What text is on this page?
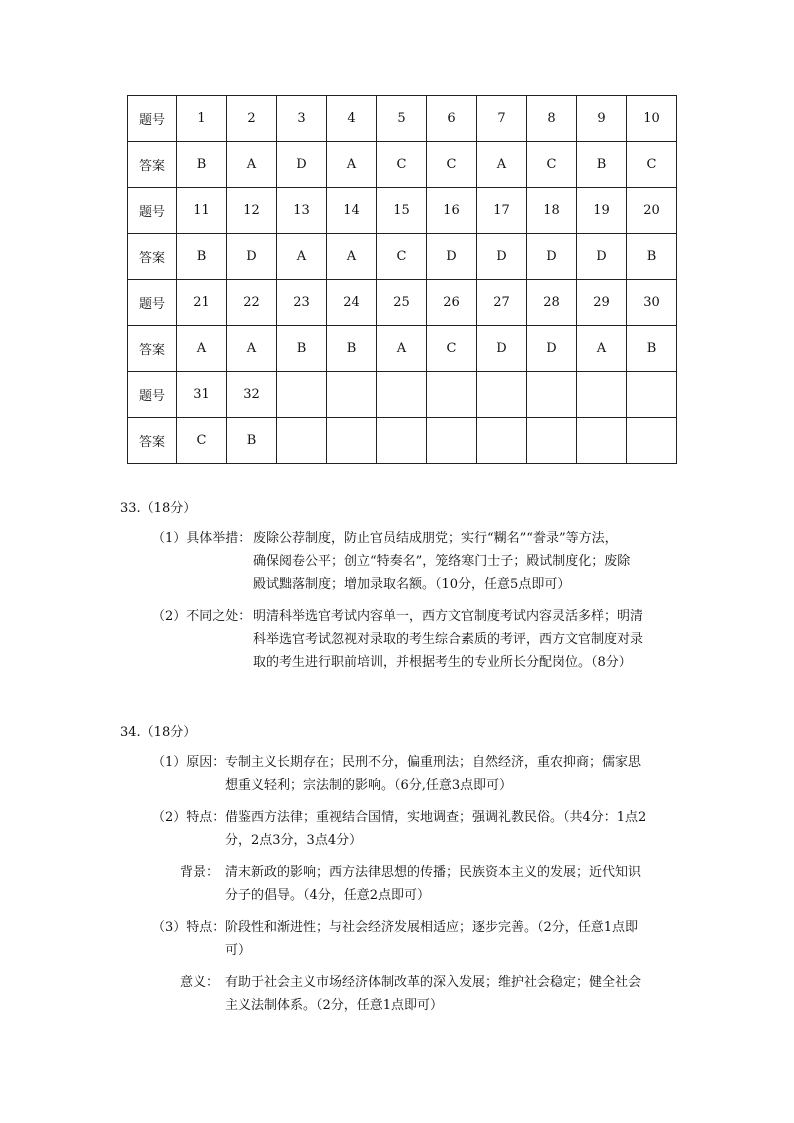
题号	1	2	3	4	5	6	7	8	9	10
答案	B	A	D	A	C	C	A	C	B	C
题号	11	12	13	14	15	16	17	18	19	20
答案	B	D	A	A	C	D	D	D	D	B
题号	21	22	23	24	25	26	27	28	29	30
答案	A	A	B	B	A	C	D	D	A	B
题号	31	32								
答案	C	B								
33.（18分）
（1）具体举措： 废除公荐制度，防止官员结成朋党；实行“糊名”“誊录”等方法，
确保阅卷公平；创立“特奏名”，笼络寒门士子；殿试制度化；废除
殿试黜落制度；增加录取名额。（10分，任意5点即可）
（2）不同之处： 明清科举选官考试内容单一，西方文官制度考试内容灵活多样；明清
科举选官考试忽视对录取的考生综合素质的考评，西方文官制度对录
取的考生进行职前培训，并根据考生的专业所长分配岗位。（8分）
34.（18分）
（1）原因： 专制主义长期存在；民刑不分，偏重刑法；自然经济，重农抑商；儒家思
想重义轻利；宗法制的影响。（6分,任意3点即可）
（2）特点： 借鉴西方法律；重视结合国情，实地调查；强调礼教民俗。（共4分：1点2
分，2点3分，3点4分）
背景： 清末新政的影响；西方法律思想的传播；民族资本主义的发展；近代知识
分子的倡导。（4分，任意2点即可）
（3）特点： 阶段性和渐进性；与社会经济发展相适应；逐步完善。（2分，任意1点即
可）
意义： 有助于社会主义市场经济体制改革的深入发展；维护社会稳定；健全社会
主义法制体系。（2分，任意1点即可）
